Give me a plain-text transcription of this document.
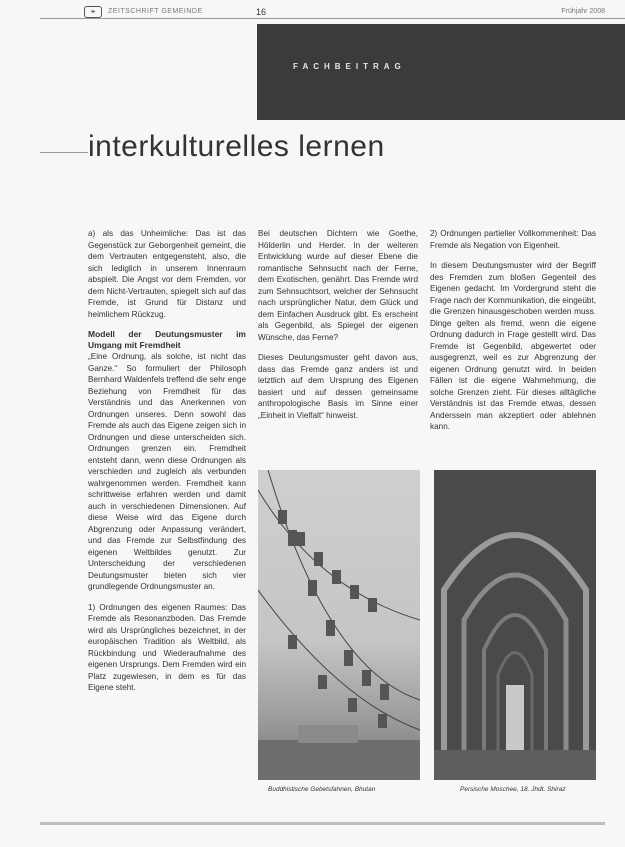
⌖	ZEITSCHRIFT GEMEINDE	16	Frühjahr 2008
FACHBEITRAG
interkulturelles lernen

a) als das Unheimliche: Das ist das Gegenstück zur Geborgenheit gemeint, die dem Vertrauten entgegensteht, also, die sich lediglich in unserem Innenraum abspielt. Die Angst vor dem Fremden, vor dem Nicht-Vertrauten, spiegelt sich auf das Fremde, ist Grund für Distanz und heimlichem Rückzug.

Modell der Deutungsmuster im Umgang mit Fremdheit

„Eine Ordnung, als solche, ist nicht das Ganze.“ So formuliert der Philosoph Bernhard Waldenfels treffend die sehr enge Beziehung von Fremdheit für das Verständnis und das Anerkennen von Ordnungen unseres. Denn sowohl das Fremde als auch das Eigene zeigen sich in Ordnungen und diese unterscheiden sich. Ordnungen grenzen ein. Fremdheit entsteht dann, wenn diese Ordnungen als verschieden und zugleich als verbunden wahrgenommen werden. Fremdheit kann schrittweise erfahren werden und damit auch in verschiedenen Dimensionen. Auf diese Weise wird das Eigene durch Abgrenzung oder Anpassung verändert, und das Fremde zur Selbstfindung des eigenen Weltbildes genutzt. Zur Unterscheidung der verschiedenen Deutungsmuster bieten sich vier grundlegende Ordnungsmuster an.

1) Ordnungen des eigenen Raumes: Das Fremde als Resonanzboden. Das Fremde wird als Ursprüngliches bezeichnet, in der europäischen Tradition als Weltbild, als Rückbindung und Wiederaufnahme des eigenen Ursprungs. Dem Fremden wird ein Platz zugewiesen, in dem es für das Eigene steht.

Bei deutschen Dichtern wie Goethe, Hölderlin und Herder. In der weiteren Entwicklung wurde auf dieser Ebene die romantische Sehnsucht nach der Ferne, dem Exotischen, genährt. Das Fremde wird zum Sehnsuchtsort, welcher der Sehnsucht nach ursprünglicher Natur, dem Glück und dem Einfachen Ausdruck gibt. Es erscheint als Gegenbild, als Spiegel der eigenen Wünsche, das Ferne?

Dieses Deutungsmuster geht davon aus, dass das Fremde ganz anders ist und letztlich auf dem Ursprung des Eigenen basiert und auf dessen gemeinsame anthropologische Basis im Sinne einer „Einheit in Vielfalt“ hinweist.

2) Ordnungen partieller Vollkommenheit: Das Fremde als Negation von Eigenheit.

In diesem Deutungsmuster wird der Begriff des Fremden zum bloßen Gegenteil des Eigenen gedacht. Im Vordergrund steht die Frage nach der Kommunikation, die eingeübt, die Grenzen hinausgeschoben werden muss. Dinge gelten als fremd, wenn die eigene Ordnung dadurch in Frage gestellt wird. Das Fremde ist Gegenbild, abgewertet oder ausgegrenzt, weil es zur Abgrenzung der eigenen Ordnung genutzt wird. In beiden Fällen ist die eigene Wahrnehmung, die solche Grenzen zieht. Für dieses alltägliche Verständnis ist das Fremde etwas, dessen Anderssein man akzeptiert oder ablehnen kann.

Buddhistische Gebetsfahnen, Bhutan	Persische Moschee, 18. Jhdt. Shiraz
